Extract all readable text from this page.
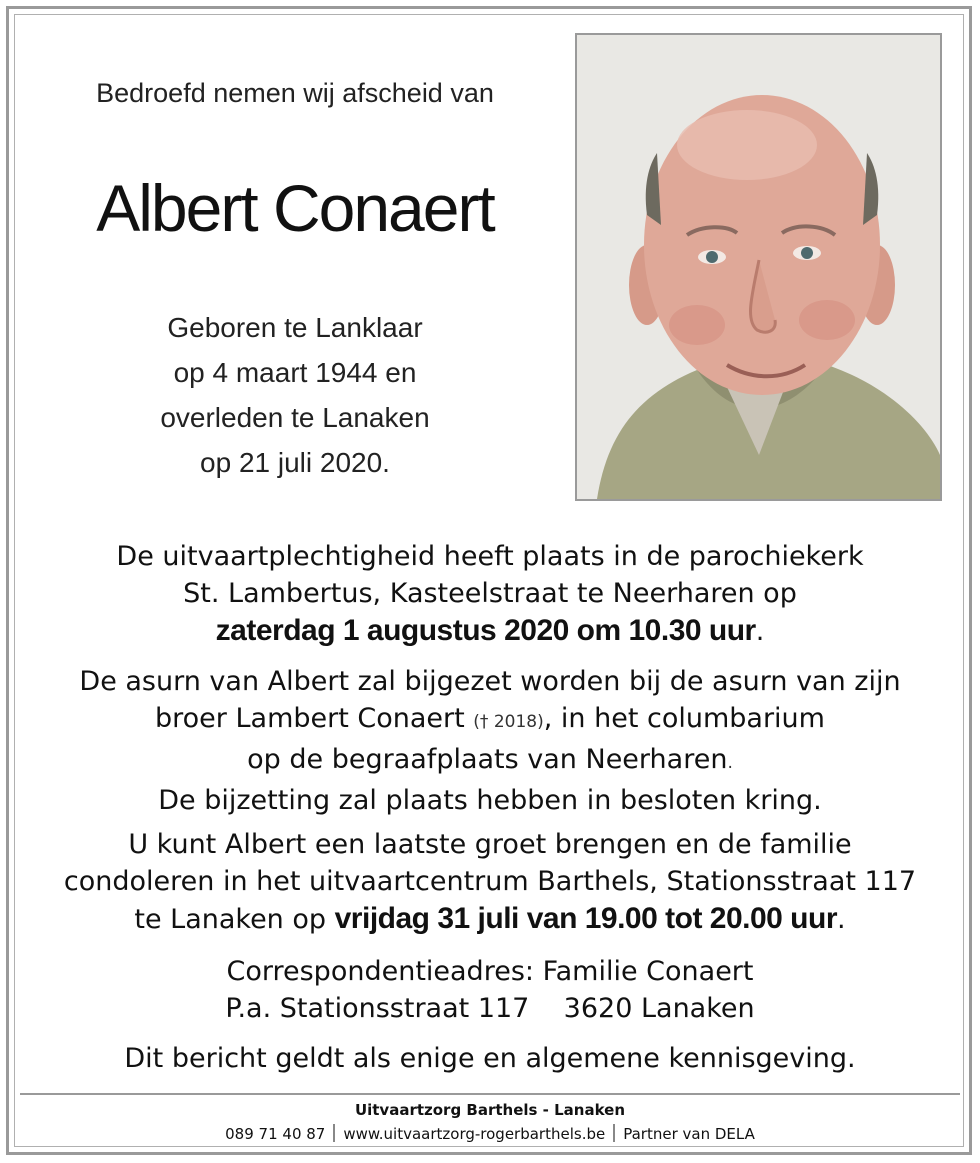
Bedroefd nemen wij afscheid van
Albert Conaert
Geboren te Lanklaar
op 4 maart 1944 en
overleden te Lanaken
op 21 juli 2020.
De uitvaartplechtigheid heeft plaats in de parochiekerk
St. Lambertus, Kasteelstraat te Neerharen op
zaterdag 1 augustus 2020 om 10.30 uur.
De asurn van Albert zal bijgezet worden bij de asurn van zijn
broer Lambert Conaert († 2018), in het columbarium
op de begraafplaats van Neerharen.
De bijzetting zal plaats hebben in besloten kring.
U kunt Albert een laatste groet brengen en de familie
condoleren in het uitvaartcentrum Barthels, Stationsstraat 117
te Lanaken op vrijdag 31 juli van 19.00 tot 20.00 uur.
Correspondentieadres: Familie Conaert
P.a. Stationsstraat 117    3620 Lanaken
Dit bericht geldt als enige en algemene kennisgeving.
Uitvaartzorg Barthels - Lanaken
089 71 40 87 www.uitvaartzorg-rogerbarthels.be Partner van DELA
